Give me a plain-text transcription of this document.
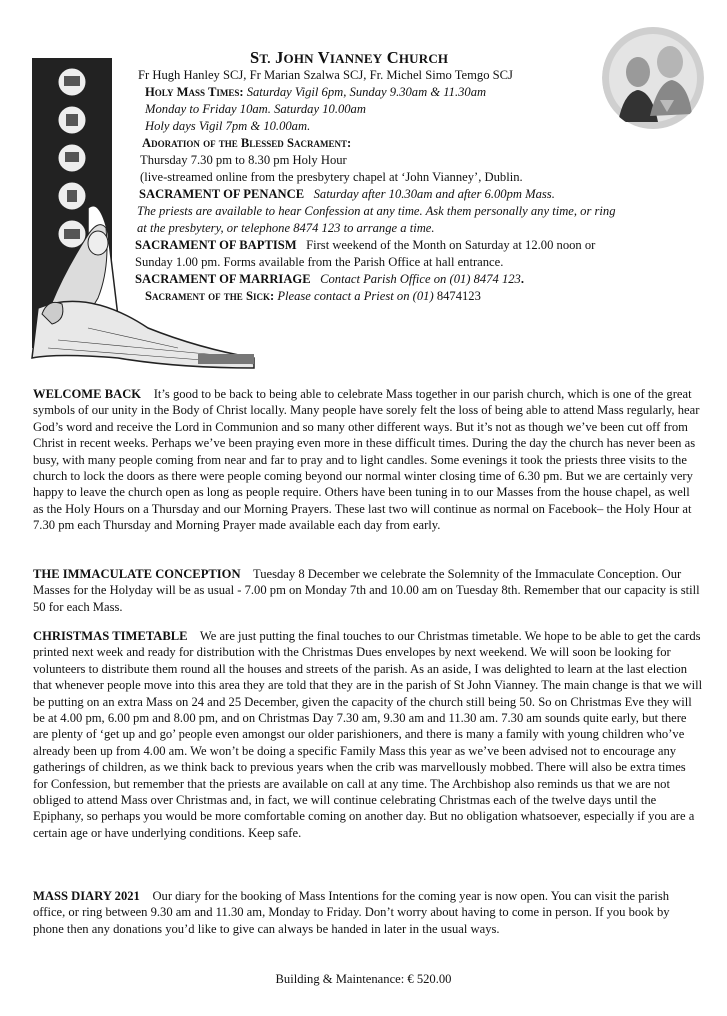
ST. JOHN VIANNEY CHURCH
Fr Hugh Hanley SCJ, Fr Marian Szalwa SCJ, Fr. Michel Simo Temgo SCJ
Holy Mass Times: Saturday Vigil 6pm, Sunday 9.30am & 11.30am
Monday to Friday 10am. Saturday 10.00am
Holy days Vigil 7pm & 10.00am.
Adoration of the Blessed Sacrament:
Thursday 7.30 pm to 8.30 pm Holy Hour
(live-streamed online from the presbytery chapel at ‘John Vianney’, Dublin.
SACRAMENT OF PENANCE Saturday after 10.30am and after 6.00pm Mass.
The priests are available to hear Confession at any time. Ask them personally any time, or ring
at the presbytery, or telephone 8474 123 to arrange a time.
SACRAMENT OF BAPTISM First weekend of the Month on Saturday at 12.00 noon or
Sunday 1.00 pm. Forms available from the Parish Office at hall entrance.
SACRAMENT OF MARRIAGE Contact Parish Office on (01) 8474 123.
Sacrament of the Sick: Please contact a Priest on (01) 8474123
WELCOME BACK It’s good to be back to being able to celebrate Mass together in our parish church, which is one of the great symbols of our unity in the Body of Christ locally. Many people have sorely felt the loss of being able to attend Mass regularly, hear God’s word and receive the Lord in Communion and so many other different ways. But it’s not as though we’ve been cut off from Christ in recent weeks. Perhaps we’ve been praying even more in these difficult times. During the day the church has never been as busy, with many people coming from near and far to pray and to light candles. Some evenings it took the priests three visits to the church to lock the doors as there were people coming beyond our normal winter closing time of 6.30 pm. But we are certainly very happy to leave the church open as long as people require. Others have been tuning in to our Masses from the house chapel, as well as the Holy Hours on a Thursday and our Morning Prayers. These last two will continue as normal on Facebook– the Holy Hour at 7.30 pm each Thursday and Morning Prayer made available each day from early.
THE IMMACULATE CONCEPTION Tuesday 8 December we celebrate the Solemnity of the Immaculate Conception. Our Masses for the Holyday will be as usual - 7.00 pm on Monday 7th and 10.00 am on Tuesday 8th. Remember that our capacity is still 50 for each Mass.
CHRISTMAS TIMETABLE We are just putting the final touches to our Christmas timetable. We hope to be able to get the cards printed next week and ready for distribution with the Christmas Dues envelopes by next weekend. We will soon be looking for volunteers to distribute them round all the houses and streets of the parish. As an aside, I was delighted to learn at the last election that whenever people move into this area they are told that they are in the parish of St John Vianney. The main change is that we will be putting on an extra Mass on 24 and 25 December, given the capacity of the church still being 50. So on Christmas Eve they will be at 4.00 pm, 6.00 pm and 8.00 pm, and on Christmas Day 7.30 am, 9.30 am and 11.30 am. 7.30 am sounds quite early, but there are plenty of ‘get up and go’ people even amongst our older parishioners, and there is many a family with young children who’ve already been up from 4.00 am. We won’t be doing a specific Family Mass this year as we’ve been advised not to encourage any gatherings of children, as we think back to previous years when the crib was marvellously mobbed. There will also be extra times for Confession, but remember that the priests are available on call at any time. The Archbishop also reminds us that we are not obliged to attend Mass over Christmas and, in fact, we will continue celebrating Christmas each of the twelve days until the Epiphany, so perhaps you would be more comfortable coming on another day. But no obligation whatsoever, especially if you are a certain age or have underlying conditions. Keep safe.
MASS DIARY 2021 Our diary for the booking of Mass Intentions for the coming year is now open. You can visit the parish office, or ring between 9.30 am and 11.30 am, Monday to Friday. Don’t worry about having to come in person. If you book by phone then any donations you’d like to give can always be handed in later in the usual ways.
Building & Maintenance: € 520.00
